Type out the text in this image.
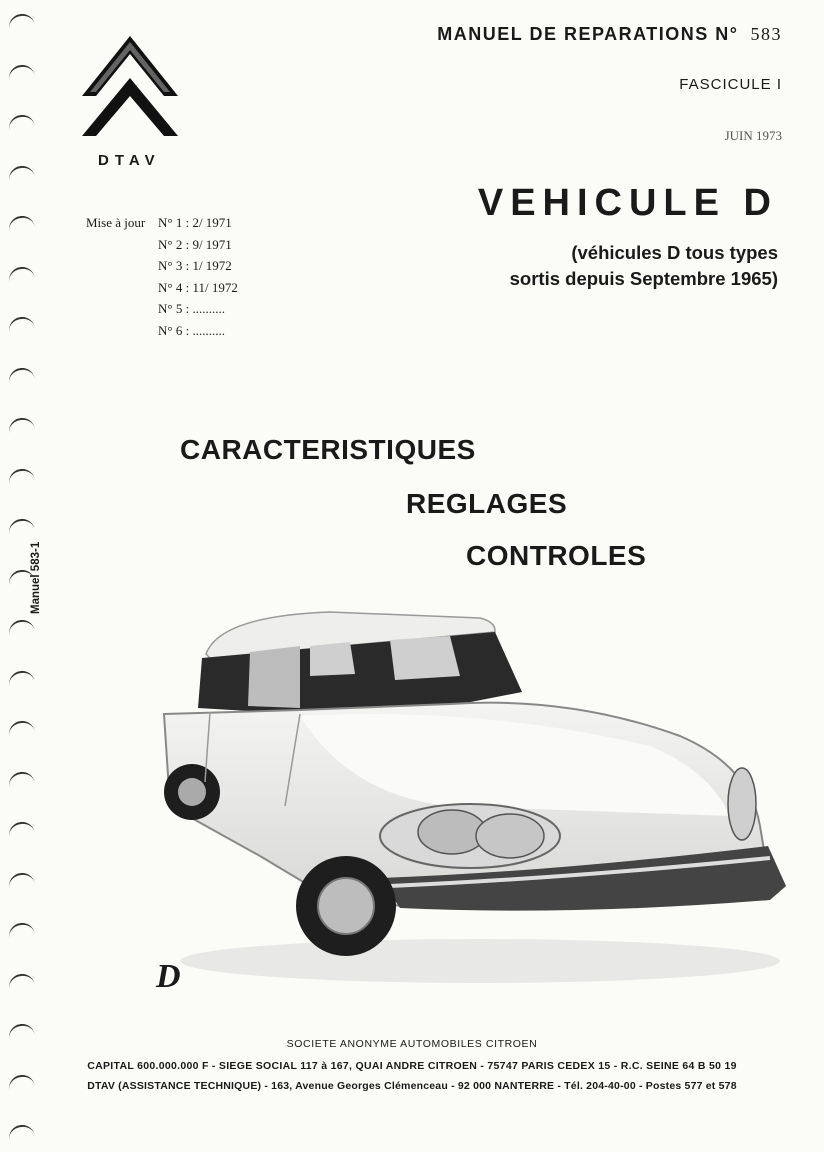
DTAV
MANUEL DE REPARATIONS N° 583
FASCICULE I
JUIN 1973
VEHICULE D
(véhicules D tous types
sortis depuis Septembre 1965)
Mise à jour N° 1 : 2/ 1971
N° 2 : 9/ 1971
N° 3 : 1/ 1972
N° 4 : 11/ 1972
N° 5 : ..........
N° 6 : ..........
Manuel 583-1
CARACTERISTIQUES
REGLAGES
CONTROLES
D
SOCIETE ANONYME AUTOMOBILES CITROEN
CAPITAL 600.000.000 F - SIEGE SOCIAL 117 à 167, QUAI ANDRE CITROEN - 75747 PARIS CEDEX 15 - R.C. SEINE 64 B 50 19
DTAV (ASSISTANCE TECHNIQUE) - 163, Avenue Georges Clémenceau - 92 000 NANTERRE - Tél. 204-40-00 - Postes 577 et 578
